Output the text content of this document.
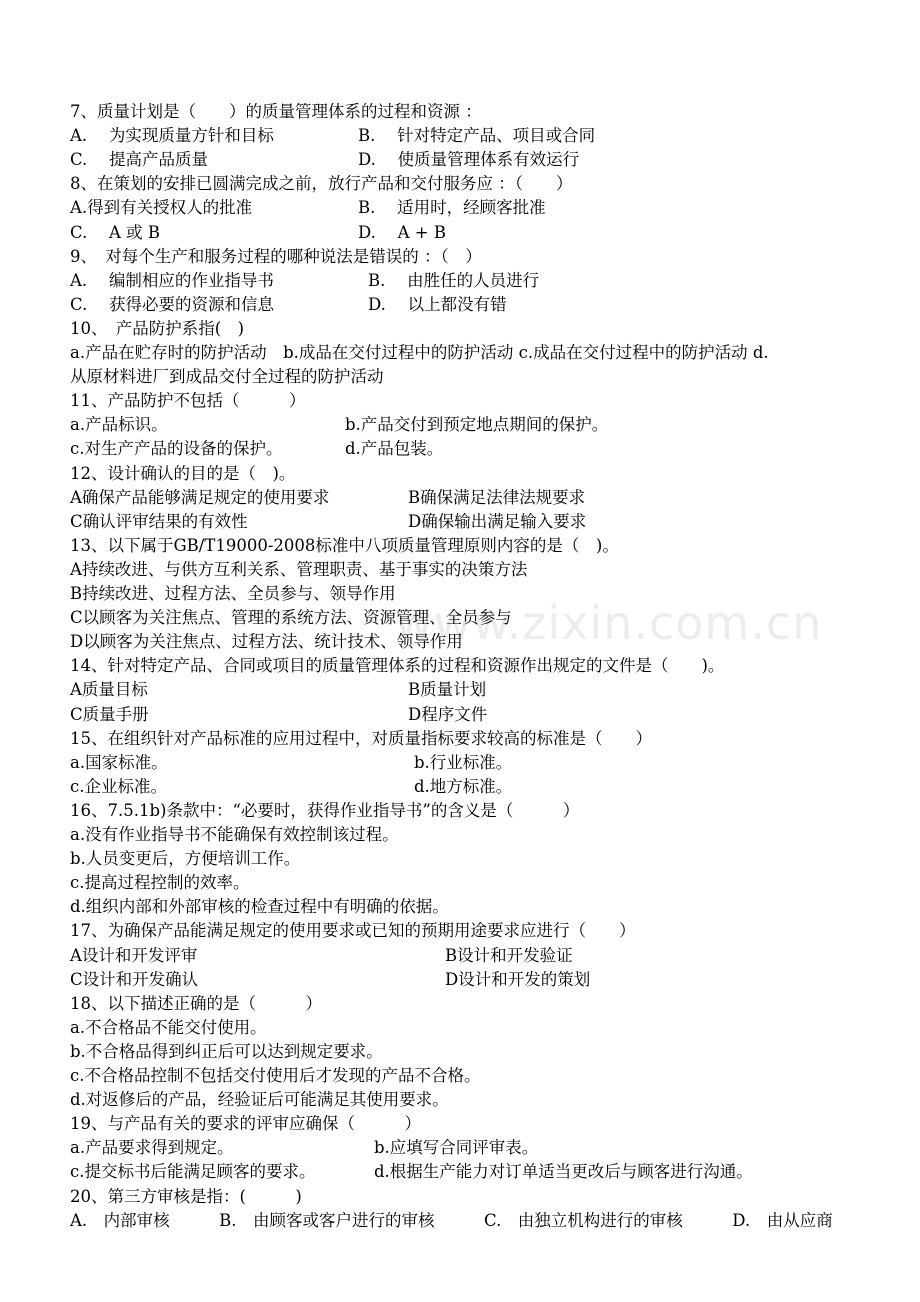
www.zixin.com.cn
7、质量计划是（　　）的质量管理体系的过程和资源 ：
A.　 为实现质量方针和目标	B.　 针对特定产品、项目或合同
C.　 提高产品质量	D.　 使质量管理体系有效运行
8、在策划的安排已圆满完成之前，放行产品和交付服务应 ：（　　）
A.得到有关授权人的批准	B.　 适用时，经顾客批准
C.　 A 或 B	D.　 A + B
9、　对每个生产和服务过程的哪种说法是错误的 ：（　）
A.　 编制相应的作业指导书	B.　 由胜任的人员进行
C.　 获得必要的资源和信息	D.　 以上都没有错
10、　产品防护系指(　)
a.产品在贮存时的防护活动　b.成品在交付过程中的防护活动 c.成品在交付过程中的防护活动 d.
从原材料进厂到成品交付全过程的防护活动
11、产品防护不包括（　　　）
a.产品标识。	b.产品交付到预定地点期间的保护。
c.对生产产品的设备的保护。	d.产品包装。
12、设计确认的目的是（　)。
A确保产品能够满足规定的使用要求	B确保满足法律法规要求
C确认评审结果的有效性	D确保输出满足输入要求
13、以下属于GB/T19000-2008标准中八项质量管理原则内容的是（　)。
A持续改进、与供方互利关系、管理职责、基于事实的决策方法
B持续改进、过程方法、全员参与、领导作用
C以顾客为关注焦点、管理的系统方法、资源管理、全员参与
D以顾客为关注焦点、过程方法、统计技术、领导作用
14、针对特定产品、合同或项目的质量管理体系的过程和资源作出规定的文件是（　　)。
A质量目标	B质量计划
C质量手册	D程序文件
15、在组织针对产品标准的应用过程中，对质量指标要求较高的标准是（　　）
a.国家标准。	b.行业标准。
c.企业标准。	d.地方标准。
16、7.5.1b)条款中：“必要时，获得作业指导书”的含义是（　　　）
a.没有作业指导书不能确保有效控制该过程。
b.人员变更后，方便培训工作。
c.提高过程控制的效率。
d.组织内部和外部审核的检查过程中有明确的依据。
17、为确保产品能满足规定的使用要求或已知的预期用途要求应进行（　　）
A设计和开发评审	B设计和开发验证
C设计和开发确认	D设计和开发的策划
18、以下描述正确的是（　　　）
a.不合格品不能交付使用。
b.不合格品得到纠正后可以达到规定要求。
c.不合格品控制不包括交付使用后才发现的产品不合格。
d.对返修后的产品，经验证后可能满足其使用要求。
19、与产品有关的要求的评审应确保（　　　）
a.产品要求得到规定。	b.应填写合同评审表。
c.提交标书后能满足顾客的要求。	d.根据生产能力对订单适当更改后与顾客进行沟通。
20、第三方审核是指：(　　　)
A.　内部审核　　　B.　由顾客或客户进行的审核　　　C.　由独立机构进行的审核　　　D.　由从应商
